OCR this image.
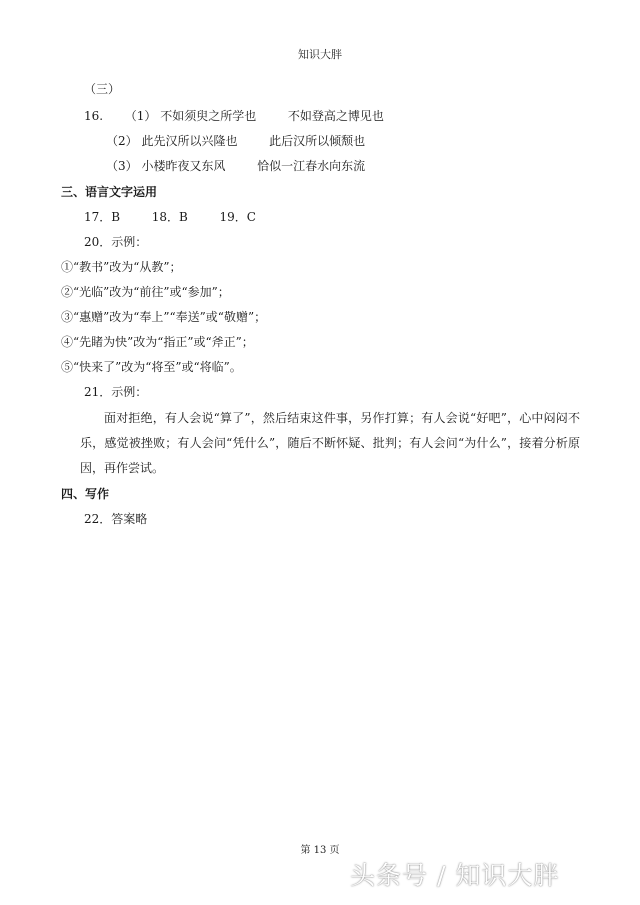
知识大胖
（三）
16. （1） 不如须臾之所学也	不如登高之博见也
（2） 此先汉所以兴隆也	此后汉所以倾颓也
（3） 小楼昨夜又东风	恰似一江春水向东流
三、语言文字运用
17．B	18．B	19．C
20．示例：
①“教书”改为“从教”；
②“光临”改为“前往”或“参加”；
③“惠赠”改为“奉上”“奉送”或“敬赠”；
④“先睹为快”改为“指正”或“斧正”；
⑤“快来了”改为“将至”或“将临”。
21．示例：
面对拒绝，有人会说“算了”，然后结束这件事，另作打算；有人会说“好吧”，心中闷闷不乐，感觉被挫败；有人会问“凭什么”，随后不断怀疑、批判；有人会问“为什么”，接着分析原因，再作尝试。
四、写作
22．答案略
第 13 页
头条号 / 知识大胖
